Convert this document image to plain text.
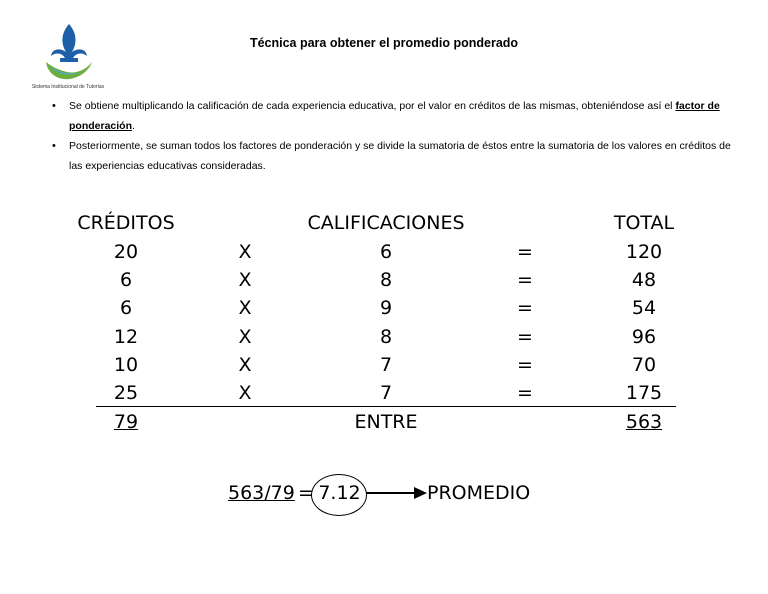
Sistema Institucional de Tutorías
Técnica para obtener el promedio ponderado
• Se obtiene multiplicando la calificación de cada experiencia educativa, por el valor en créditos de las mismas, obteniéndose así el factor de ponderación.
• Posteriormente, se suman todos los factores de ponderación y se divide la sumatoria de éstos entre la sumatoria de los valores en créditos de las experiencias educativas consideradas.
CRÉDITOS	CALIFICACIONES	TOTAL
20	X	6	=	120
6	X	8	=	48
6	X	9	=	54
12	X	8	=	96
10	X	7	=	70
25	X	7	=	175
79	ENTRE	563
563/79 = 7.12	PROMEDIO
